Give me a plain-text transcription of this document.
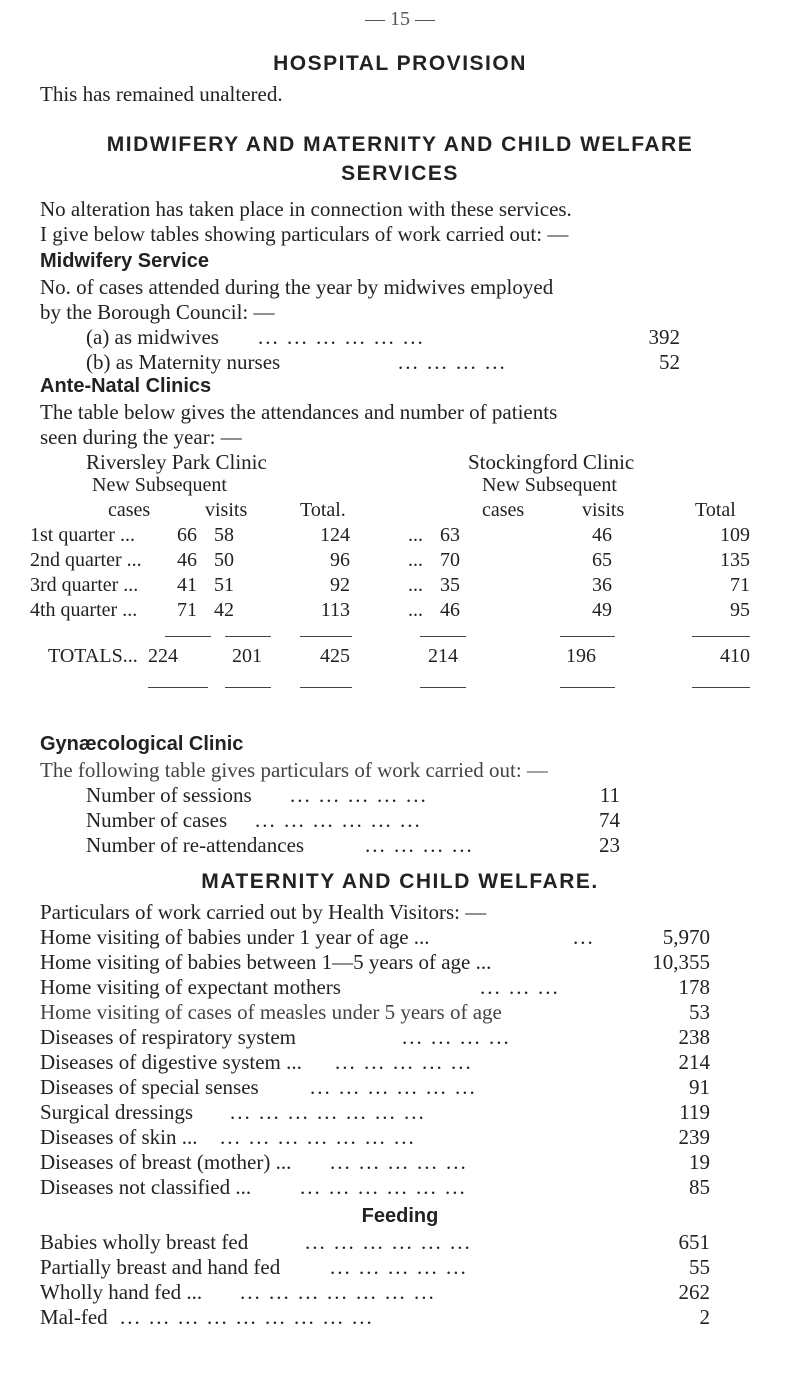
— 15 —
HOSPITAL PROVISION
This has remained unaltered.
MIDWIFERY AND MATERNITY AND CHILD WELFARE
SERVICES
No alteration has taken place in connection with these services.
I give below tables showing particulars of work carried out: —
Midwifery Service
No. of cases attended during the year by midwives employed
by the Borough Council: —
(a) as midwives ... ... ... ... ... ...	392
(b) as Maternity nurses	... ... ... ...	52
Ante-Natal Clinics
The table below gives the attendances and number of patients
seen during the year: —
Riversley Park Clinic	Stockingford Clinic
New Subsequent	New Subsequent
cases	visits	Total.	cases	visits	Total
1st quarter ... 66 58	124	... 63	46	109
2nd quarter ... 46 50	96	... 70	65	135
3rd quarter ... 41 51	92	... 35	36	71
4th quarter ... 71 42	113	... 46	49	95
TOTALS... 224	201	425	214	196	410
Gynæcological Clinic
The following table gives particulars of work carried out: —
Number of sessions ... ... ... ... ...	11
Number of cases ... ... ... ... ... ...	74
Number of re-attendances	... ... ... ...	23
MATERNITY AND CHILD WELFARE.
Particulars of work carried out by Health Visitors: —
Home visiting of babies under 1 year of age ...	...	5,970
Home visiting of babies between 1—5 years of age ...	10,355
Home visiting of expectant mothers	... ... ...	178
Home visiting of cases of measles under 5 years of age	53
Diseases of respiratory system	... ... ... ...	238
Diseases of digestive system ... ... ... ... ... ...	214
Diseases of special senses ... ... ... ... ... ...	91
Surgical dressings ... ... ... ... ... ... ...	119
Diseases of skin ... ... ... ... ... ... ... ...	239
Diseases of breast (mother) ... ... ... ... ... ...	19
Diseases not classified ... ... ... ... ... ... ...	85
Feeding
Babies wholly breast fed	... ... ... ... ... ...	651
Partially breast and hand fed ... ... ... ... ...	55
Wholly hand fed ... ... ... ... ... ... ... ...	262
Mal-fed ... ... ... ... ... ... ... ... ...	2
